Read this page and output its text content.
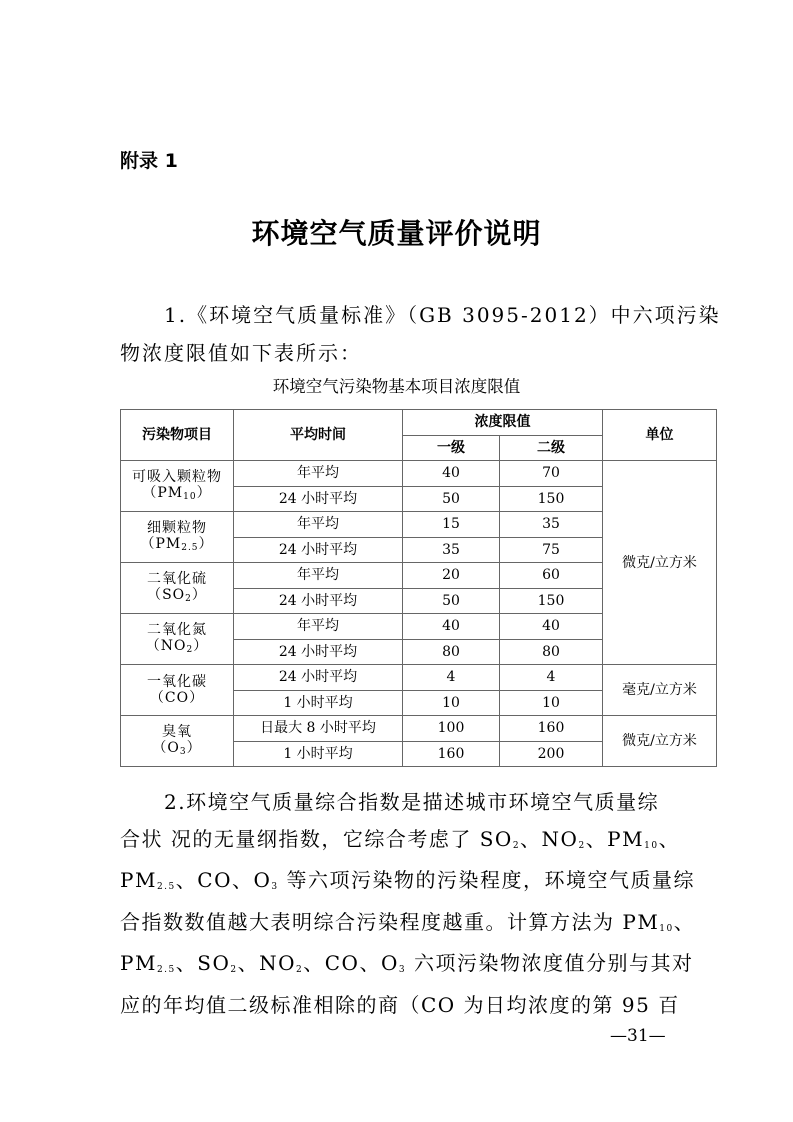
附录 1
环境空气质量评价说明
1.《环境空气质量标准》（GB 3095-2012）中六项污染
物浓度限值如下表所示：
环境空气污染物基本项目浓度限值
污染物项目	平均时间	浓度限值		单位
		一级	二级	
可吸入颗粒物
（PM10）	年平均	40	70	微克/立方米
	24 小时平均	50	150	
细颗粒物
（PM2.5）	年平均	15	35	
	24 小时平均	35	75	
二氧化硫
（SO2）	年平均	20	60	
	24 小时平均	50	150	
二氧化氮
（NO2）	年平均	40	40	
	24 小时平均	80	80	
一氧化碳 （CO）	24 小时平均	4	4	毫克/立方米
	1 小时平均	10	10	
臭氧
（O3）	日最大 8 小时平均	100	160	微克/立方米
	1 小时平均	160	200	
2.环境空气质量综合指数是描述城市环境空气质量综
合状 况的无量纲指数，它综合考虑了 SO2、NO2、PM10、
PM2.5、CO、O3 等六项污染物的污染程度，环境空气质量综
合指数数值越大表明综合污染程度越重。计算方法为 PM10、
PM2.5、SO2、NO2、CO、O3 六项污染物浓度值分别与其对
应的年均值二级标准相除的商（CO 为日均浓度的第 95 百
—31—
